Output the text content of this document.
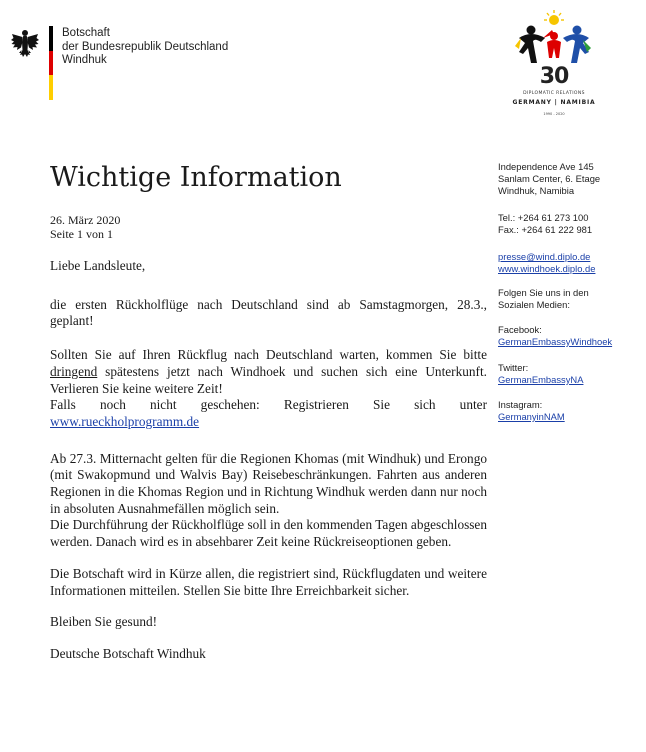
Botschaft
der Bundesrepublik Deutschland
Windhuk
30
DIPLOMATIC RELATIONS
GERMANY | NAMIBIA
1990 - 2020
Wichtige Information
26. März 2020
Seite 1 von 1

Liebe Landsleute,

die ersten Rückholflüge nach Deutschland sind ab Samstagmorgen, 28.3., geplant!

Sollten Sie auf Ihren Rückflug nach Deutschland warten, kommen Sie bitte dringend spätestens jetzt nach Windhoek und suchen sich eine Unterkunft. Verlieren Sie keine weitere Zeit!

Falls noch nicht geschehen: Registrieren Sie sich unter

www.rueckholprogramm.de

Ab 27.3. Mitternacht gelten für die Regionen Khomas (mit Windhuk) und Erongo (mit Swakopmund und Walvis Bay) Reisebeschränkungen. Fahrten aus anderen Regionen in die Khomas Region und in Richtung Windhuk werden dann nur noch in absoluten Ausnahmefällen möglich sein.

Die Durchführung der Rückholflüge soll in den kommenden Tagen abgeschlossen werden. Danach wird es in absehbarer Zeit keine Rückreiseoptionen geben.

Die Botschaft wird in Kürze allen, die registriert sind, Rückflugdaten und weitere Informationen mitteilen. Stellen Sie bitte Ihre Erreichbarkeit sicher.

Bleiben Sie gesund!

Deutsche Botschaft Windhuk

Independence Ave 145
Sanlam Center, 6. Etage
Windhuk, Namibia
Tel.: +264 61 273 100
Fax.: +264 61 222 981
presse@wind.diplo.de
www.windhoek.diplo.de
Folgen Sie uns in den
Sozialen Medien:
Facebook:
GermanEmbassyWindhoek
Twitter:
GermanEmbassyNA
Instagram:
GermanyinNAM
